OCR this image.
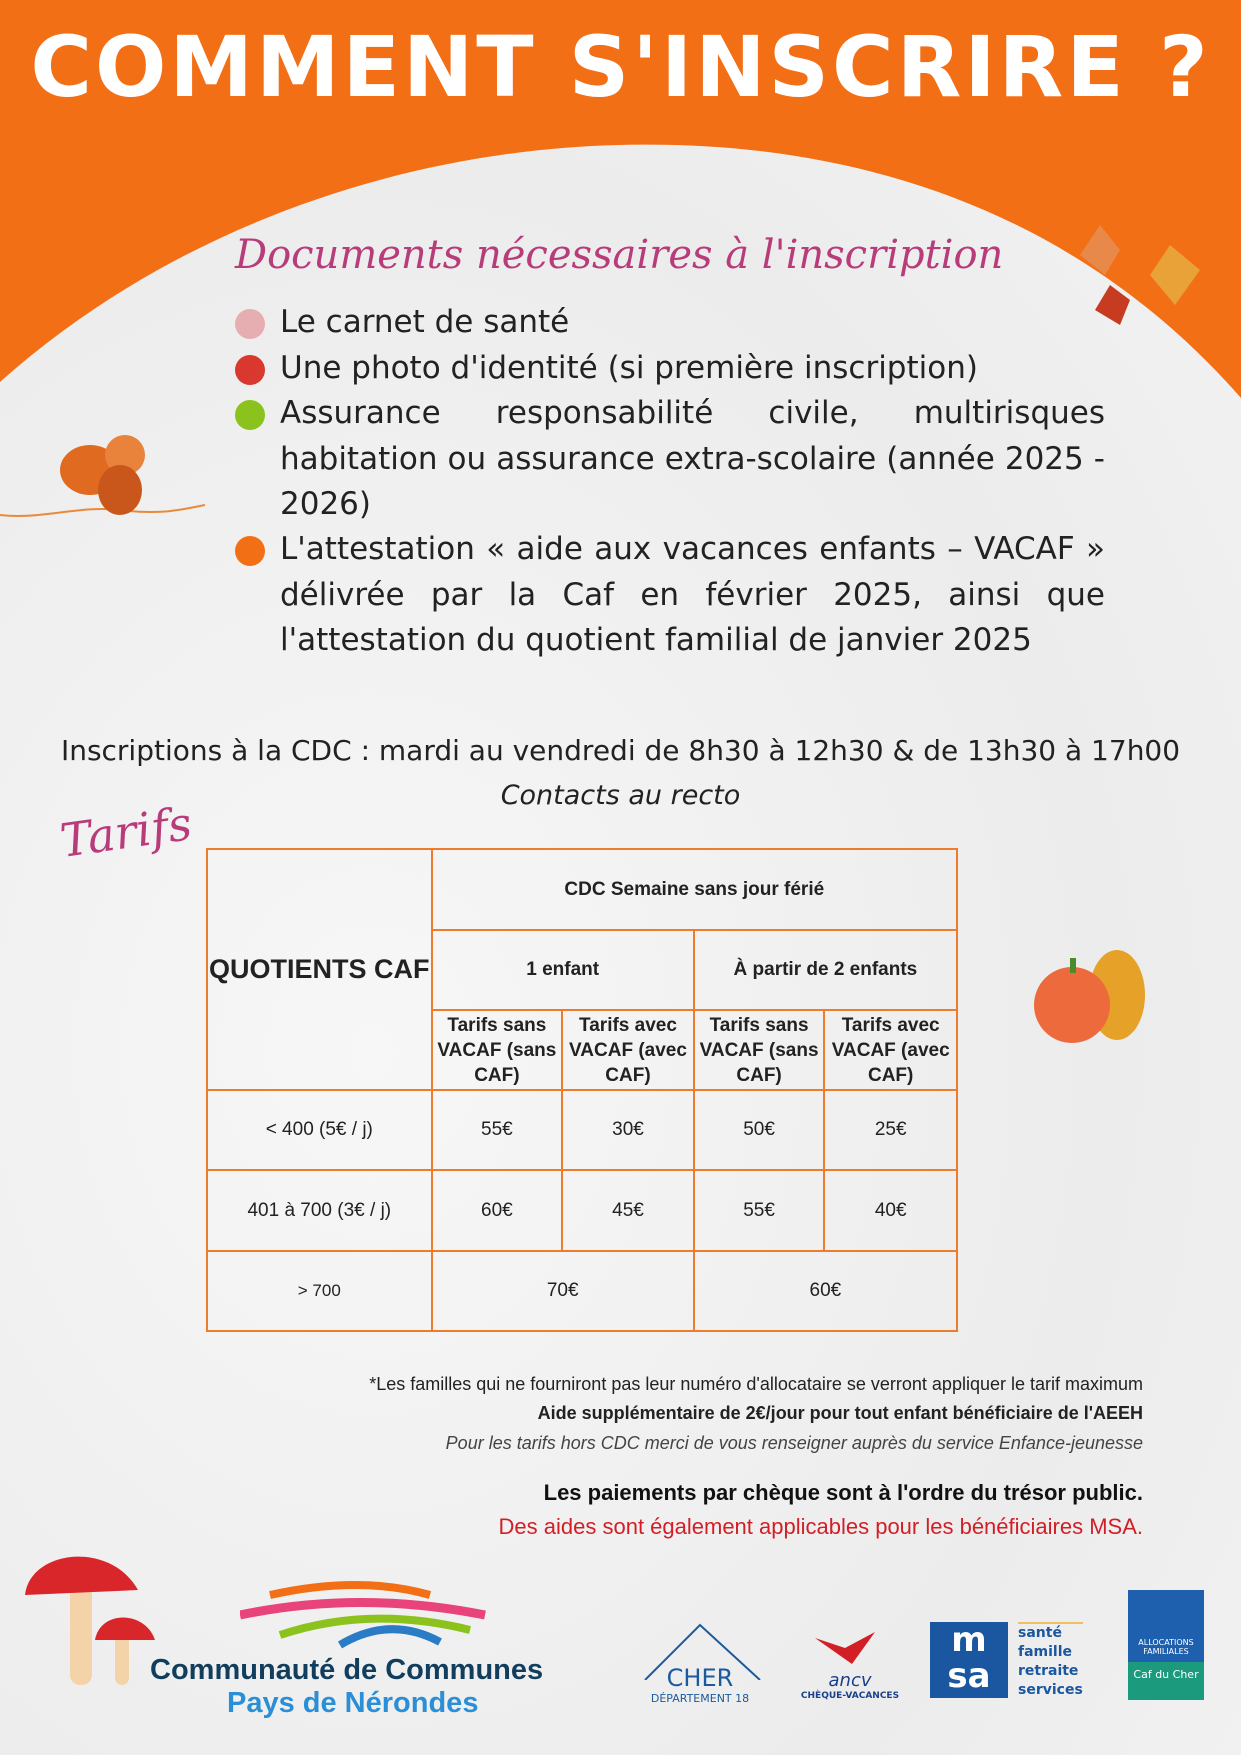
COMMENT S'INSCRIRE ?
Documents nécessaires à l'inscription
Le carnet de santé
Une photo d'identité (si première inscription)
Assurance responsabilité civile, multirisques habitation ou assurance extra-scolaire (année 2025 - 2026)
L'attestation « aide aux vacances enfants – VACAF » délivrée par la Caf en février 2025, ainsi que l'attestation du quotient familial de janvier 2025
Inscriptions à la CDC : mardi au vendredi de 8h30 à 12h30 & de 13h30 à 17h00
Contacts au recto
Tarifs
QUOTIENTS CAF	CDC Semaine sans jour férié			
	1 enfant		À partir de 2 enfants	
	Tarifs sans VACAF (sans CAF)	Tarifs avec VACAF (avec CAF)	Tarifs sans VACAF (sans CAF)	Tarifs avec VACAF (avec CAF)
< 400 (5€ / j)	55€	30€	50€	25€
401 à 700 (3€ / j)	60€	45€	55€	40€
> 700	70€		60€	
*Les familles qui ne fourniront pas leur numéro d'allocataire se verront appliquer le tarif maximum
Aide supplémentaire de 2€/jour pour tout enfant bénéficiaire de l'AEEH
Pour les tarifs hors CDC merci de vous renseigner auprès du service Enfance-jeunesse
Les paiements par chèque sont à l'ordre du trésor public.
Des aides sont également applicables pour les bénéficiaires MSA.
Communauté de Communes
Pays de Nérondes
CHER
DÉPARTEMENT 18
ancv
CHÈQUE-VACANCES
m
sa
santé
famille
retraite
services
ALLOCATIONS FAMILIALES
Caf du Cher
